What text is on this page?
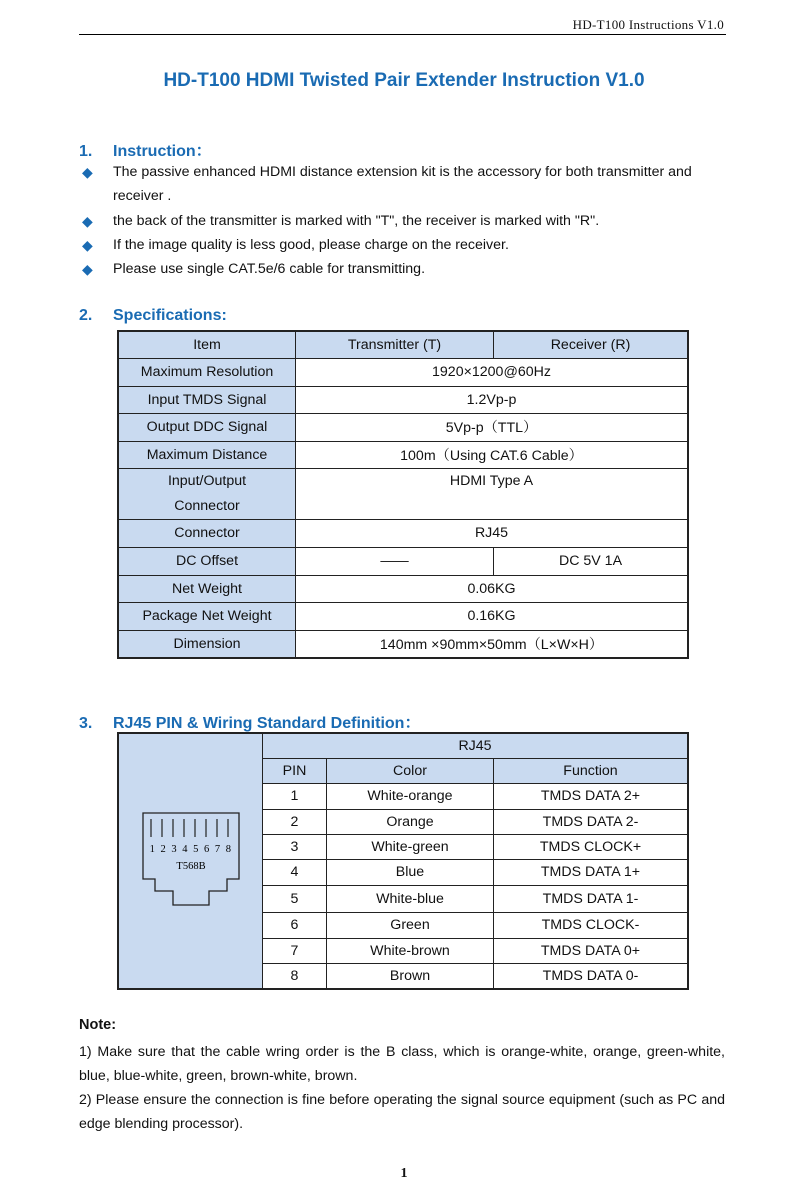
HD-T100 Instructions V1.0
HD-T100 HDMI Twisted Pair Extender Instruction V1.0
1. Instruction：
◆ The passive enhanced HDMI distance extension kit is the accessory for both transmitter and receiver .
◆ the back of the transmitter is marked with "T", the receiver is marked with "R".
◆ If the image quality is less good, please charge on the receiver.
◆ Please use single CAT.5e/6 cable for transmitting.
2. Specifications:
Item	Transmitter (T)	Receiver (R)
Maximum Resolution	1920×1200@60Hz	
Input TMDS Signal	1.2Vp-p	
Output DDC Signal	5Vp-p（TTL）	
Maximum Distance	100m（Using CAT.6 Cable）	

Input/Output
Connector	HDMI Type A	
Connector	RJ45	
DC Offset	——	DC 5V 1A
Net Weight	0.06KG	
Package Net Weight	0.16KG	
Dimension	140mm ×90mm×50mm（L×W×H）	
3. RJ45 PIN & Wiring Standard Definition：
1 2 3 4 5 6 7 8
T568B	RJ45		
	PIN	Color	Function
	1	White-orange	TMDS DATA 2+
	2	Orange	TMDS DATA 2-
	3	White-green	TMDS CLOCK+
	4	Blue	TMDS DATA 1+
	5	White-blue	TMDS DATA 1-
	6	Green	TMDS CLOCK-
	7	White-brown	TMDS DATA 0+
	8	Brown	TMDS DATA 0-
Note:
1) Make sure that the cable wring order is the B class, which is orange-white, orange, green-white, blue, blue-white, green, brown-white, brown.
2) Please ensure the connection is fine before operating the signal source equipment (such as PC and edge blending processor).
1
